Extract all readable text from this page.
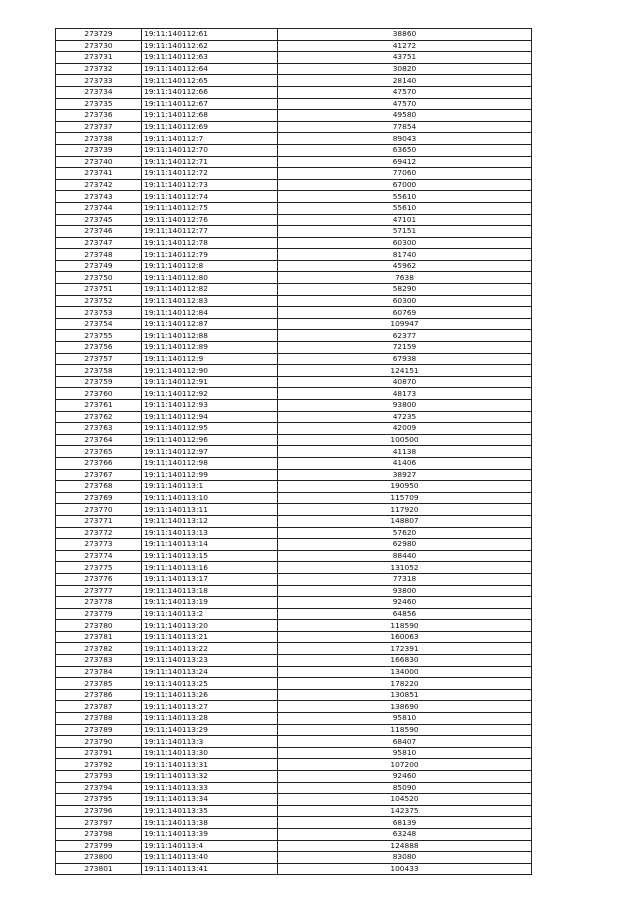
273729	19:11:140112:61	38860
273730	19:11:140112:62	41272
273731	19:11:140112:63	43751
273732	19:11:140112:64	30820
273733	19:11:140112:65	28140
273734	19:11:140112:66	47570
273735	19:11:140112:67	47570
273736	19:11:140112:68	49580
273737	19:11:140112:69	77854
273738	19:11:140112:7	89043
273739	19:11:140112:70	63650
273740	19:11:140112:71	69412
273741	19:11:140112:72	77060
273742	19:11:140112:73	67000
273743	19:11:140112:74	55610
273744	19:11:140112:75	55610
273745	19:11:140112:76	47101
273746	19:11:140112:77	57151
273747	19:11:140112:78	60300
273748	19:11:140112:79	81740
273749	19:11:140112:8	45962
273750	19:11:140112:80	7638
273751	19:11:140112:82	58290
273752	19:11:140112:83	60300
273753	19:11:140112:84	60769
273754	19:11:140112:87	109947
273755	19:11:140112:88	62377
273756	19:11:140112:89	72159
273757	19:11:140112:9	67938
273758	19:11:140112:90	124151
273759	19:11:140112:91	40870
273760	19:11:140112:92	48173
273761	19:11:140112:93	93800
273762	19:11:140112:94	47235
273763	19:11:140112:95	42009
273764	19:11:140112:96	100500
273765	19:11:140112:97	41138
273766	19:11:140112:98	41406
273767	19:11:140112:99	38927
273768	19:11:140113:1	190950
273769	19:11:140113:10	115709
273770	19:11:140113:11	117920
273771	19:11:140113:12	148807
273772	19:11:140113:13	57620
273773	19:11:140113:14	62980
273774	19:11:140113:15	88440
273775	19:11:140113:16	131052
273776	19:11:140113:17	77318
273777	19:11:140113:18	93800
273778	19:11:140113:19	92460
273779	19:11:140113:2	64856
273780	19:11:140113:20	118590
273781	19:11:140113:21	160063
273782	19:11:140113:22	172391
273783	19:11:140113:23	166830
273784	19:11:140113:24	134000
273785	19:11:140113:25	178220
273786	19:11:140113:26	130851
273787	19:11:140113:27	138690
273788	19:11:140113:28	95810
273789	19:11:140113:29	118590
273790	19:11:140113:3	68407
273791	19:11:140113:30	95810
273792	19:11:140113:31	107200
273793	19:11:140113:32	92460
273794	19:11:140113:33	85090
273795	19:11:140113:34	104520
273796	19:11:140113:35	142375
273797	19:11:140113:38	68139
273798	19:11:140113:39	63248
273799	19:11:140113:4	124888
273800	19:11:140113:40	83080
273801	19:11:140113:41	100433
